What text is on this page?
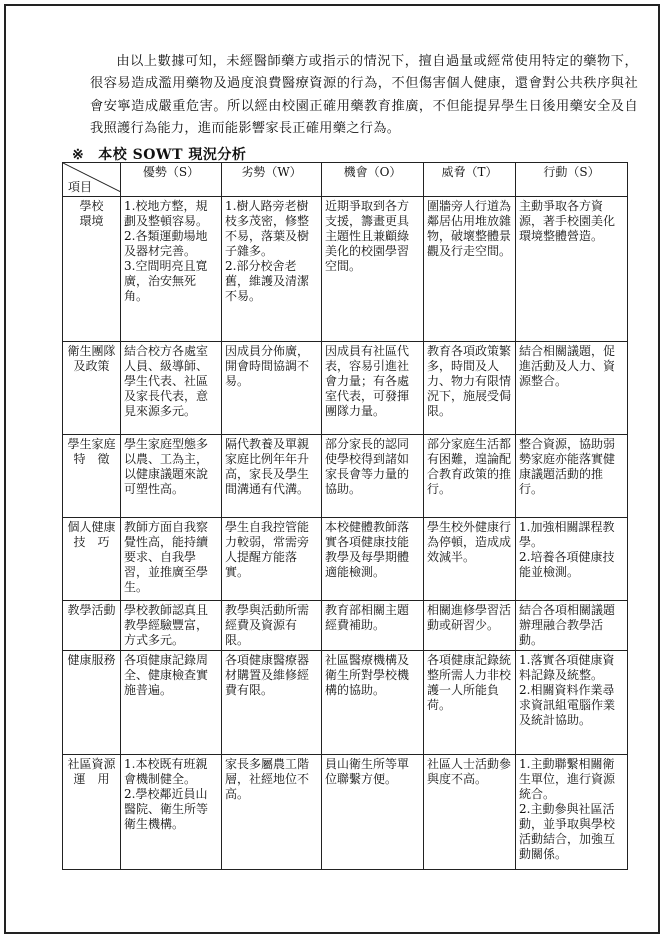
由以上數據可知，未經醫師藥方或指示的情況下，擅自過量或經常使用特定的藥物下，很容易造成濫用藥物及過度浪費醫療資源的行為，不但傷害個人健康，還會對公共秩序與社會安寧造成嚴重危害。所以經由校園正確用藥教育推廣，不但能提昇學生日後用藥安全及自我照護行為能力，進而能影響家長正確用藥之行為。

※ 本校 SOWT 現況分析
項目	優勢（S）	劣勢（W）	機會（O）	威脅（T）	行動（S）

學校
環境	1.校地方整，規劃及整頓容易。
2.各類運動場地及器材完善。
3.空間明亮且寬廣，治安無死角。	1.樹人路旁老樹枝多茂密，修整不易，落葉及樹子雜多。
2.部分校舍老舊，維護及清潔不易。	近期爭取到各方支援，籌畫更具主題性且兼顧綠美化的校園學習空間。	圍牆旁人行道為鄰居佔用堆放雜物，破壞整體景觀及行走空間。	主動爭取各方資源，著手校園美化環境整體營造。

衛生團隊
及政策	結合校方各處室人員、級導師、學生代表、社區及家長代表，意見來源多元。	因成員分佈廣，開會時間協調不易。	因成員有社區代表，容易引進社會力量；有各處室代表，可發揮團隊力量。	教育各項政策繁多，時間及人力、物力有限情況下，施展受侷限。	結合相關議題，促進活動及人力、資源整合。

學生家庭
特　徵	學生家庭型態多以農、工為主，以健康議題來說可塑性高。	隔代教養及單親家庭比例年年升高，家長及學生間溝通有代溝。	部分家長的認同使學校得到諸如家長會等力量的協助。	部分家庭生活都有困難，遑論配合教育政策的推行。	整合資源，協助弱勢家庭亦能落實健康議題活動的推行。

個人健康
技　巧	教師方面自我察覺性高，能持續要求、自我學習，並推廣至學生。	學生自我控管能力較弱，常需旁人提醒方能落實。	本校健體教師落實各項健康技能教學及每學期體適能檢測。	學生校外健康行為停頓，造成成效減半。	1.加強相關課程教學。
2.培養各項健康技能並檢測。

教學活動	學校教師認真且教學經驗豐富，方式多元。	教學與活動所需經費及資源有限。	教育部相關主題經費補助。	相關進修學習活動或研習少。	結合各項相關議題辦理融合教學活動。

健康服務	各項健康記錄周全、健康檢查實施普遍。	各項健康醫療器材購置及維修經費有限。	社區醫療機構及衛生所對學校機構的協助。	各項健康記錄統整所需人力非校護一人所能負荷。	1.落實各項健康資料記錄及統整。
2.相關資料作業尋求資訊組電腦作業及統計協助。

社區資源
運　用	1.本校既有班親會機制健全。
2.學校鄰近員山醫院、衛生所等衛生機構。	家長多屬農工階層，社經地位不高。	員山衛生所等單位聯繫方便。	社區人士活動參與度不高。	1.主動聯繫相關衛生單位，進行資源統合。
2.主動參與社區活動，並爭取與學校活動結合，加強互動關係。
